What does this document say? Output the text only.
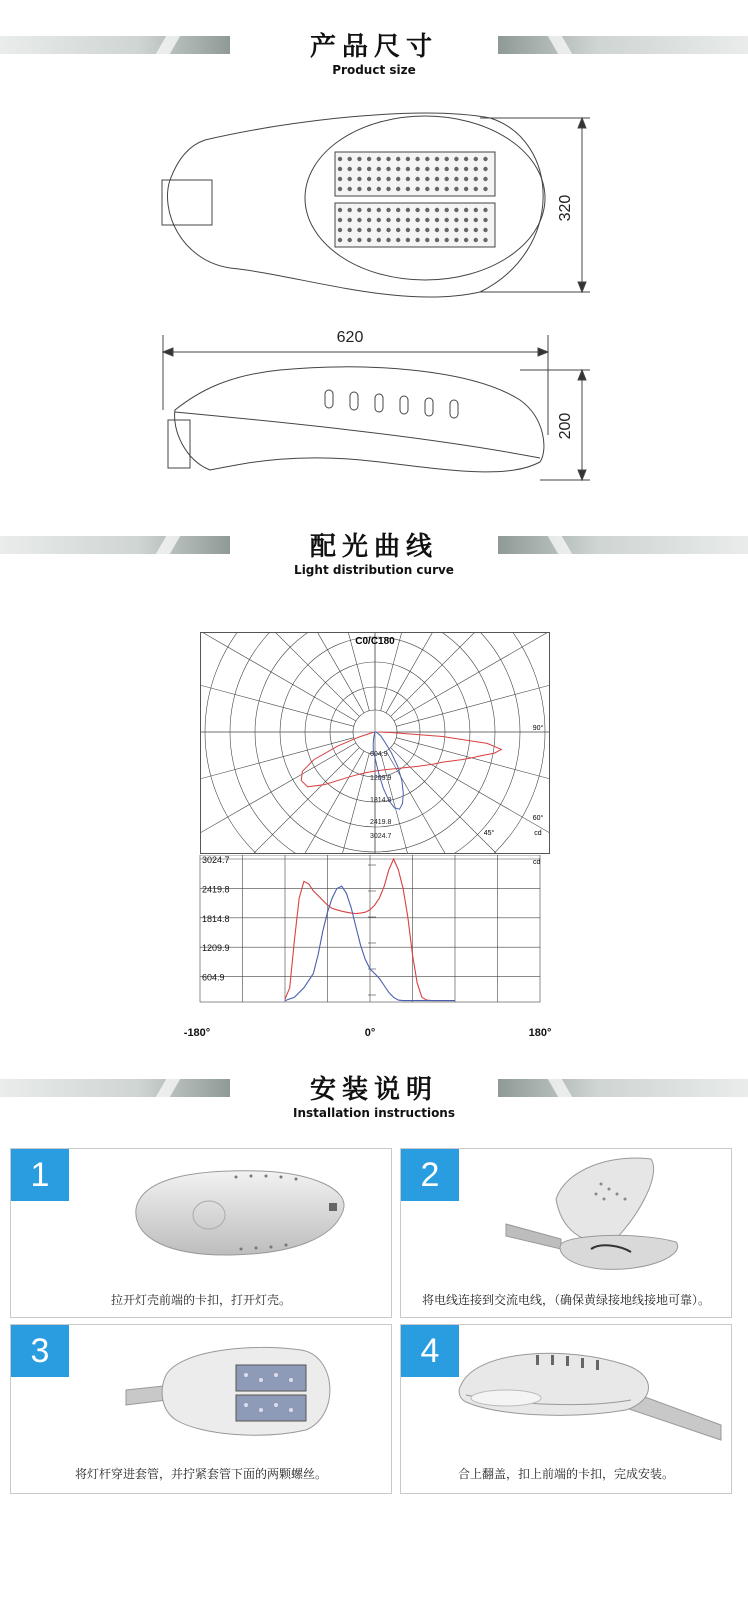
产品尺寸
Product size
320
620
200
配光曲线
Light distribution curve
C0/C180
90°
60°
45°	cd
604.9
1209.9
1814.8
2419.8
3024.7
3024.7
2419.8
1814.8
1209.9
604.9
cd
-180°	0°	180°
安装说明
Installation instructions
1
拉开灯壳前端的卡扣，打开灯壳。
2
将电线连接到交流电线，（确保黄绿接地线接地可靠）。
3
将灯杆穿进套管，并拧紧套管下面的两颗螺丝。
4
合上翻盖，扣上前端的卡扣，完成安装。
